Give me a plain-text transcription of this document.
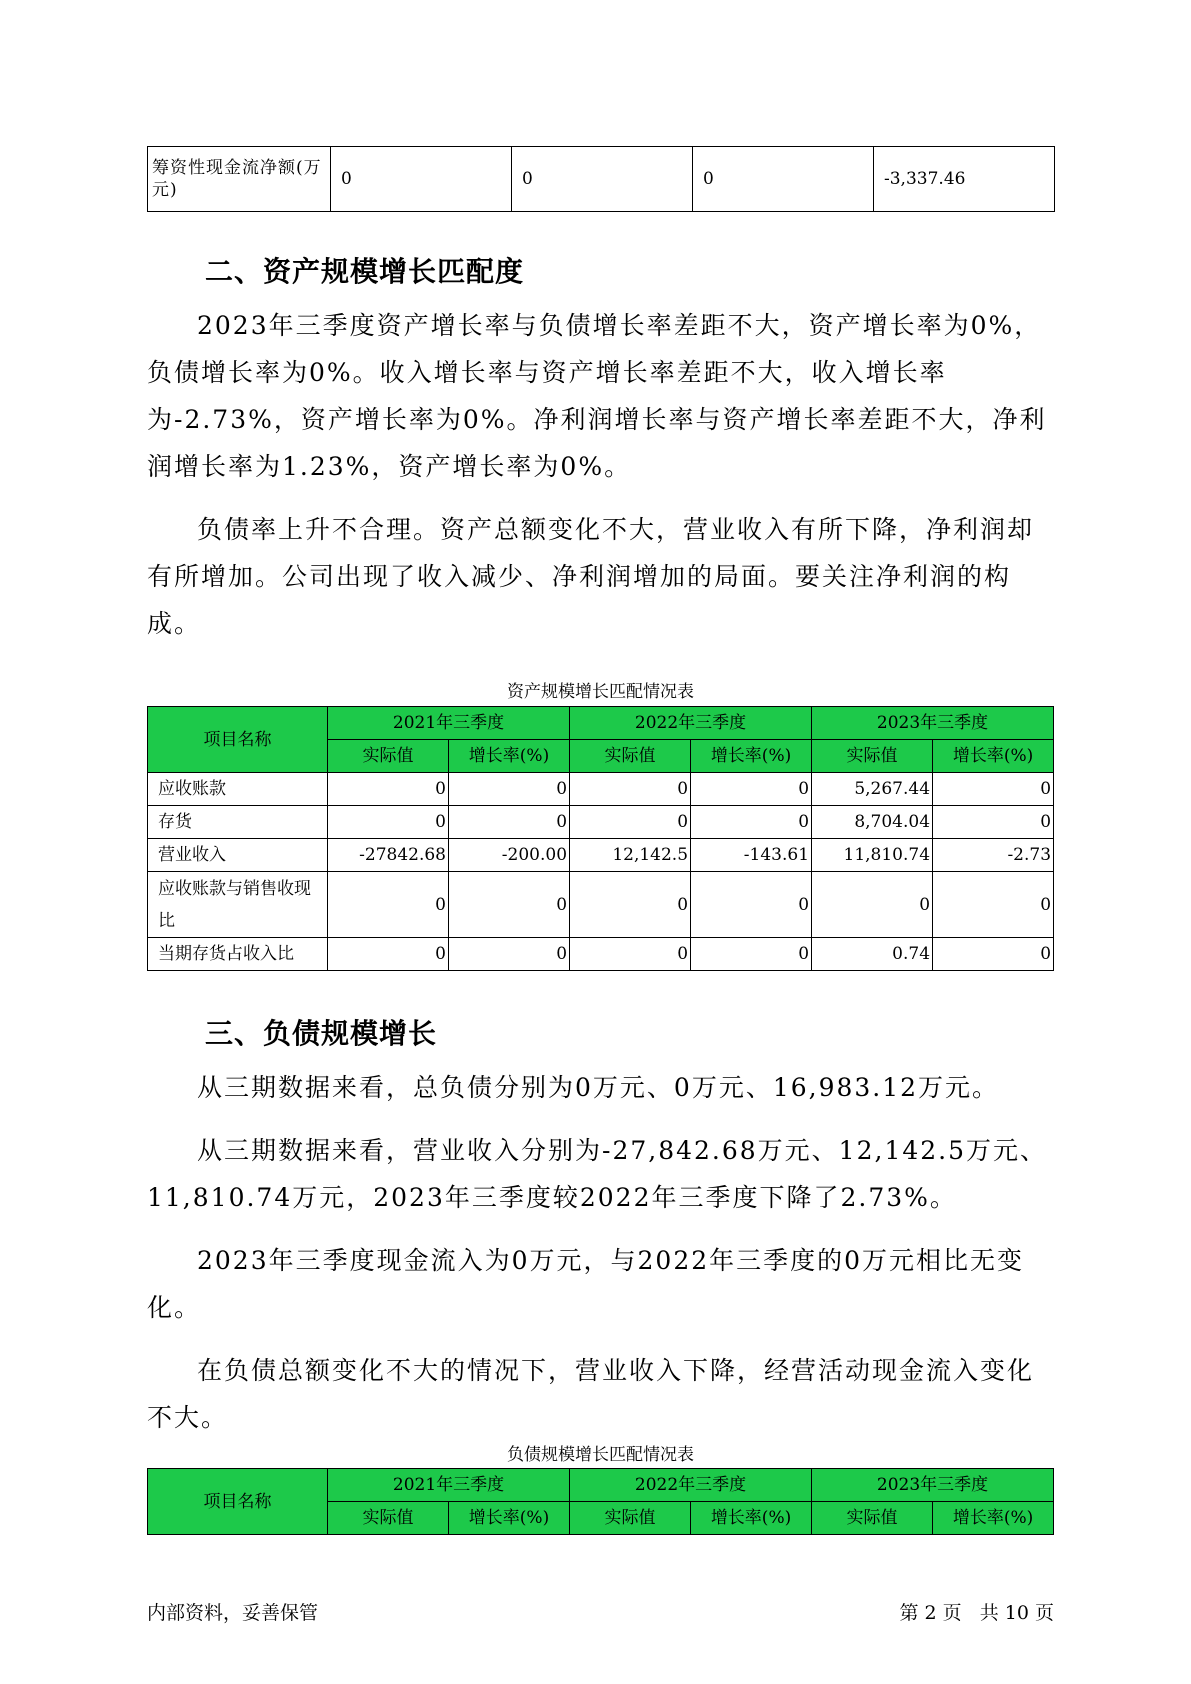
筹资性现金流净额(万元)	0	0	0	-3,337.46
二、资产规模增长匹配度

2023年三季度资产增长率与负债增长率差距不大，资产增长率为0%，负债增长率为0%。收入增长率与资产增长率差距不大，收入增长率为-2.73%，资产增长率为0%。净利润增长率与资产增长率差距不大，净利润增长率为1.23%，资产增长率为0%。

负债率上升不合理。资产总额变化不大，营业收入有所下降，净利润却有所增加。公司出现了收入减少、净利润增加的局面。要关注净利润的构成。

资产规模增长匹配情况表
项目名称	2021年三季度		2022年三季度		2023年三季度	
	实际值	增长率(%)	实际值	增长率(%)	实际值	增长率(%)
应收账款	0	0	0	0	5,267.44	0
存货	0	0	0	0	8,704.04	0
营业收入	-27842.68	-200.00	12,142.5	-143.61	11,810.74	-2.73
应收账款与销售收现比	0	0	0	0	0	0
当期存货占收入比	0	0	0	0	0.74	0
三、负债规模增长

从三期数据来看，总负债分别为0万元、0万元、16,983.12万元。

从三期数据来看，营业收入分别为-27,842.68万元、12,142.5万元、11,810.74万元，2023年三季度较2022年三季度下降了2.73%。

2023年三季度现金流入为0万元，与2022年三季度的0万元相比无变化。

在负债总额变化不大的情况下，营业收入下降，经营活动现金流入变化不大。

负债规模增长匹配情况表
项目名称	2021年三季度		2022年三季度		2023年三季度	
	实际值	增长率(%)	实际值	增长率(%)	实际值	增长率(%)
内部资料，妥善保管	第 2 页   共 10 页
